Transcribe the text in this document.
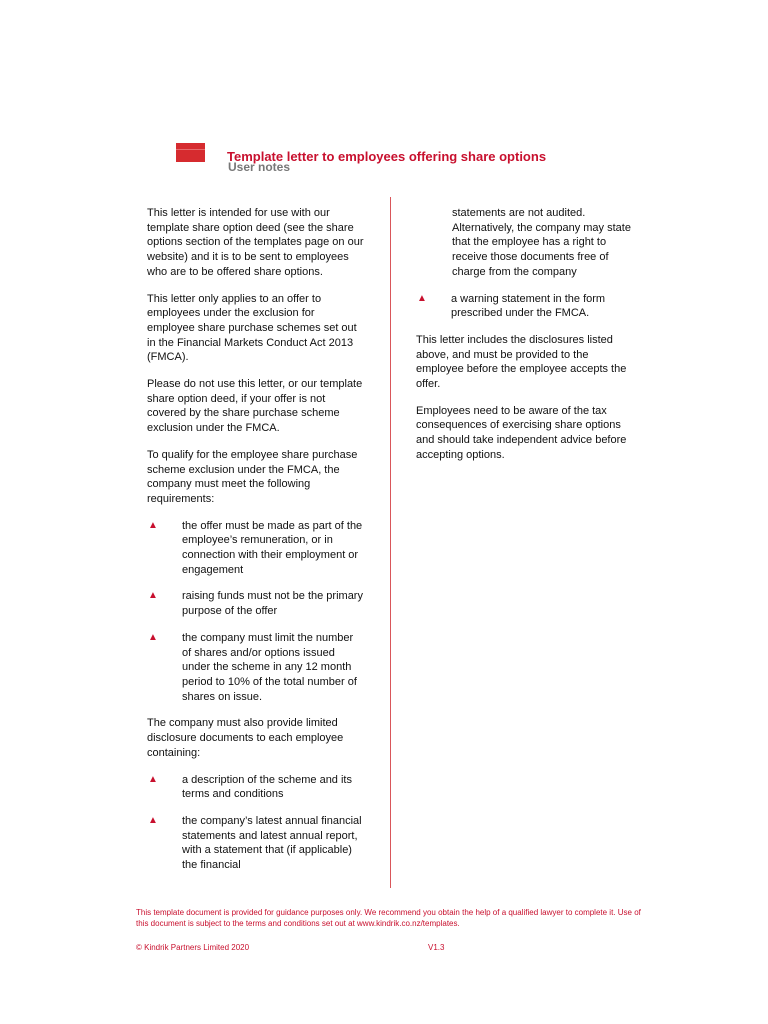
Template letter to employees offering share options
User notes

This letter is intended for use with our template share option deed (see the share options section of the templates page on our website) and it is to be sent to employees who are to be offered share options.

This letter only applies to an offer to employees under the exclusion for employee share purchase schemes set out in the Financial Markets Conduct Act 2013 (FMCA).

Please do not use this letter, or our template share option deed, if your offer is not covered by the share purchase scheme exclusion under the FMCA.

To qualify for the employee share purchase scheme exclusion under the FMCA, the company must meet the following requirements:

▲ the offer must be made as part of the employee’s remuneration, or in connection with their employment or engagement
▲ raising funds must not be the primary purpose of the offer
▲ the company must limit the number of shares and/or options issued under the scheme in any 12 month period to 10% of the total number of shares on issue.

The company must also provide limited disclosure documents to each employee containing:

▲ a description of the scheme and its terms and conditions
▲ the company’s latest annual financial statements and latest annual report, with a statement that (if applicable) the financial

statements are not audited. Alternatively, the company may state that the employee has a right to receive those documents free of charge from the company

▲ a warning statement in the form prescribed under the FMCA.

This letter includes the disclosures listed above, and must be provided to the employee before the employee accepts the offer.

Employees need to be aware of the tax consequences of exercising share options and should take independent advice before accepting options.

This template document is provided for guidance purposes only. We recommend you obtain the help of a qualified lawyer to complete it. Use of this document is subject to the terms and conditions set out at www.kindrik.co.nz/templates.

© Kindrik Partners Limited 2020	V1.3
